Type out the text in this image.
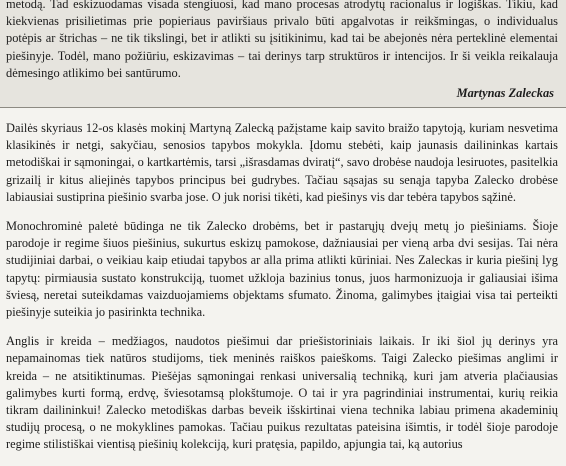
metodą. Tad eskizuodamas visada stengiuosi, kad mano procesas atrodytų racionalus ir logiškas. Tikiu, kad kiekvienas prisilietimas prie popieriaus paviršiaus privalo būti apgalvotas ir reikšmingas, o individualus potėpis ar štrichas – ne tik tikslingi, bet ir atlikti su įsitikinimu, kad tai be abejonės nėra perteklinė elementai piešinyje. Todėl, mano požiūriu, eskizavimas – tai derinys tarp struktūros ir intencijos. Ir ši veikla reikalauja dėmesingo atlikimo bei santūrumo.
Martynas Zaleckas

Dailės skyriaus 12-os klasės mokinį Martyną Zalecką pažįstame kaip savito braižo tapytoją, kuriam nesvetima klasikinės ir netgi, sakyčiau, senosios tapybos mokykla. Įdomu stebėti, kaip jaunasis dailininkas kartais metodiškai ir sąmoningai, o kartkartėmis, tarsi „išrasdamas dviratį“, savo drobėse naudoja lesiruotes, pasitelkia grizailį ir kitus aliejinės tapybos principus bei gudrybes. Tačiau sąsajas su senąja tapyba Zalecko drobėse labiausiai sustiprina piešinio svarba jose. O juk norisi tikėti, kad piešinys vis dar tebėra tapybos sąžinė.

Monochrominė paletė būdinga ne tik Zalecko drobėms, bet ir pastarųjų dvejų metų jo piešiniams. Šioje parodoje ir regime šiuos piešinius, sukurtus eskizų pamokose, dažniausiai per vieną arba dvi sesijas. Tai nėra studijiniai darbai, o veikiau kaip etiudai tapybos ar alla prima atlikti kūriniai. Nes Zaleckas ir kuria piešinį lyg tapytų: pirmiausia sustato konstrukciją, tuomet užkloja bazinius tonus, juos harmonizuoja ir galiausiai išima šviesą, neretai suteikdamas vaizduojamiems objektams sfumato. Žinoma, galimybes įtaigiai visa tai perteikti piešinyje suteikia jo pasirinkta technika.

Anglis ir kreida – medžiagos, naudotos piešimui dar priešistoriniais laikais. Ir iki šiol jų derinys yra nepamainomas tiek natūros studijoms, tiek meninės raiškos paieškoms. Taigi Zalecko piešimas anglimi ir kreida – ne atsitiktinumas. Piešėjas sąmoningai renkasi universalią techniką, kuri jam atveria plačiausias galimybes kurti formą, erdvę, šviesotamsą plokštumoje. O tai ir yra pagrindiniai instrumentai, kurių reikia tikram dailininkui! Zalecko metodiškas darbas beveik išskirtinai viena technika labiau primena akademinių studijų procesą, o ne mokyklines pamokas. Tačiau puikus rezultatas pateisina išimtis, ir todėl šioje parodoje regime stilistiškai vientisą piešinių kolekciją, kuri pratęsia, papildo, apjungia tai, ką autorius
